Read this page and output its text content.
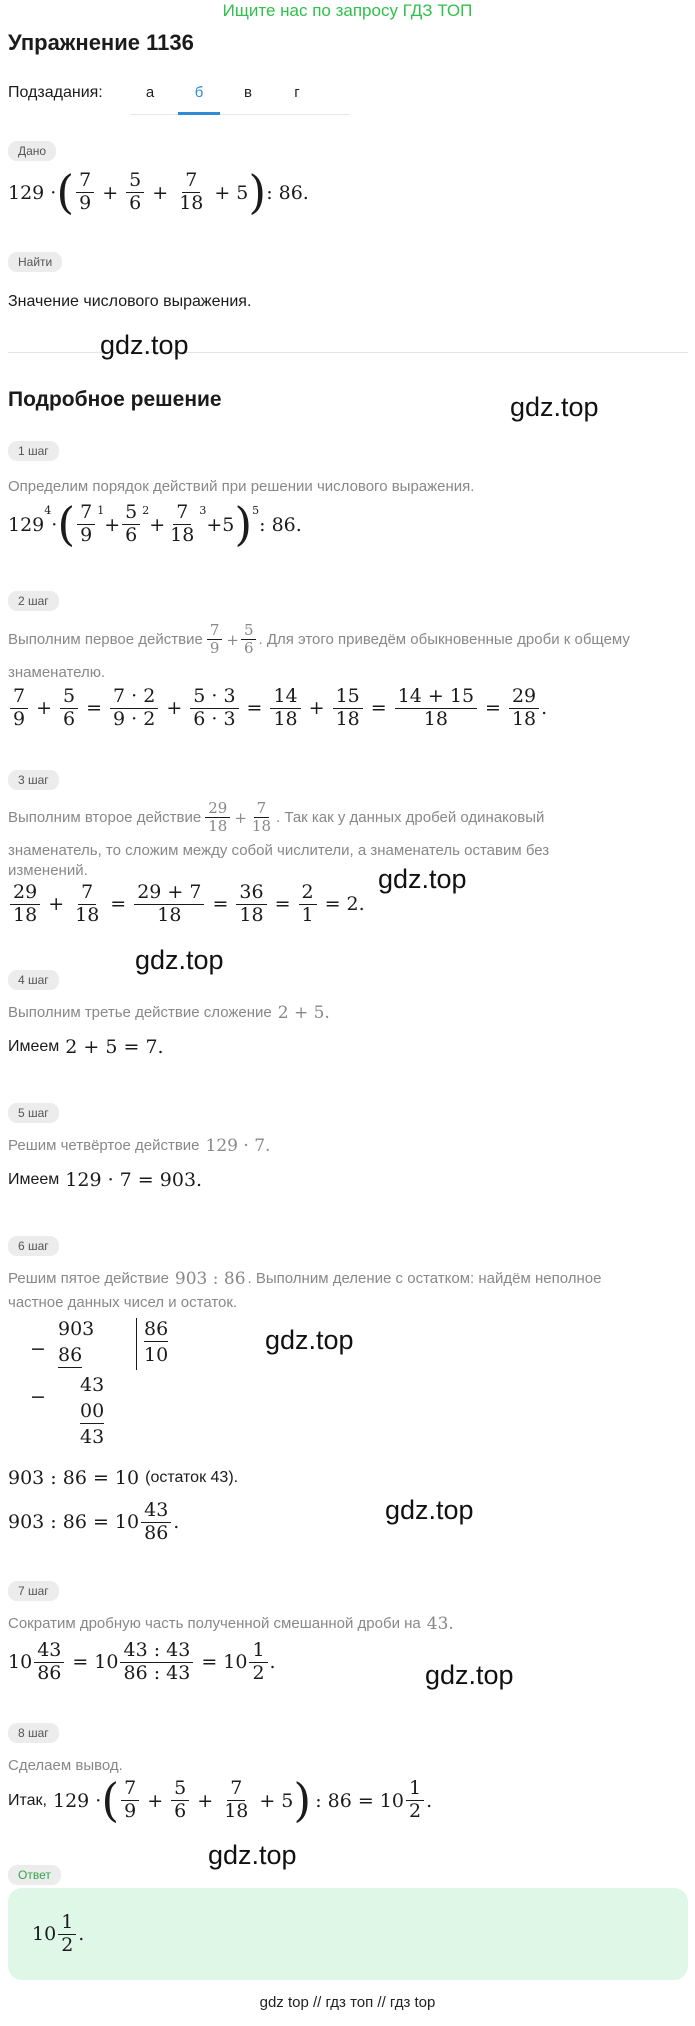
Ищите нас по запросу ГДЗ ТОП
Упражнение 1136
Подзадания:	а	б	в	г
Дано
129 · ( $\frac{7}{9} + \frac{5}{6} + \frac{7}{18} + 5$ ) : 86.
Найти
Значение числового выражения.
gdz.top
Подробное решение	gdz.top
1 шаг
Определим порядок действий при решении числового выражения.
129
4
· ( $\frac{7}{9} 1$
+ $\frac{5}{6} 2$
+ $\frac{7}{18} 3$
+ 5 ) 5
: 86.
2 шаг
Выполним первое действие $\frac{7}{9} + \frac{5}{6}$ . Для этого приведём обыкновенные дроби к общему
знаменателю.
$\frac{7}{9} + \frac{5}{6} = \frac{7 \cdot 2}{9 \cdot 2} + \frac{5 \cdot 3}{6 \cdot 3} = \frac{14}{18} + \frac{15}{18} = \frac{14 + 15}{18} = \frac{29}{18}$ .
3 шаг
Выполним второе действие $\frac{29}{18} + \frac{7}{18}$ . Так как у данных дробей одинаковый
знаменатель, то сложим между собой числители, а знаменатель оставим без
изменений.	gdz.top
$\frac{29}{18} + \frac{7}{18} = \frac{29 + 7}{18} = \frac{36}{18} = \frac{2}{1} = 2$.
gdz.top
4 шаг
Выполним третье действие сложение 2 + 5.
Имеем 2 + 5 = 7.
5 шаг
Решим четвёртое действие 129 · 7.
Имеем 129 · 7 = 903.
6 шаг
Решим пятое действие 903 : 86 . Выполним деление с остатком: найдём неполное
частное данных чисел и остаток.
−
903
86
86
10
−
43
00
43
gdz.top
903 : 86 = 10 (остаток 43).
gdz.top
903 : $86 = 10 \frac{43}{86}$ .
7 шаг
Сократим дробную часть полученной смешанной дроби на 43.
$10 \frac{43}{86} = 10 \frac{43 : 43}{86 : 43} = 10 \frac{1}{2}$ .	gdz.top
8 шаг
Сделаем вывод.
Итак, 129 · ( $\frac{7}{9} + \frac{5}{6} + \frac{7}{18} + 5$ ) : $86 = 10 \frac{1}{2}$ .
gdz.top
Ответ
$10 \frac{1}{2}$ .
gdz top // гдз топ // гдз top
